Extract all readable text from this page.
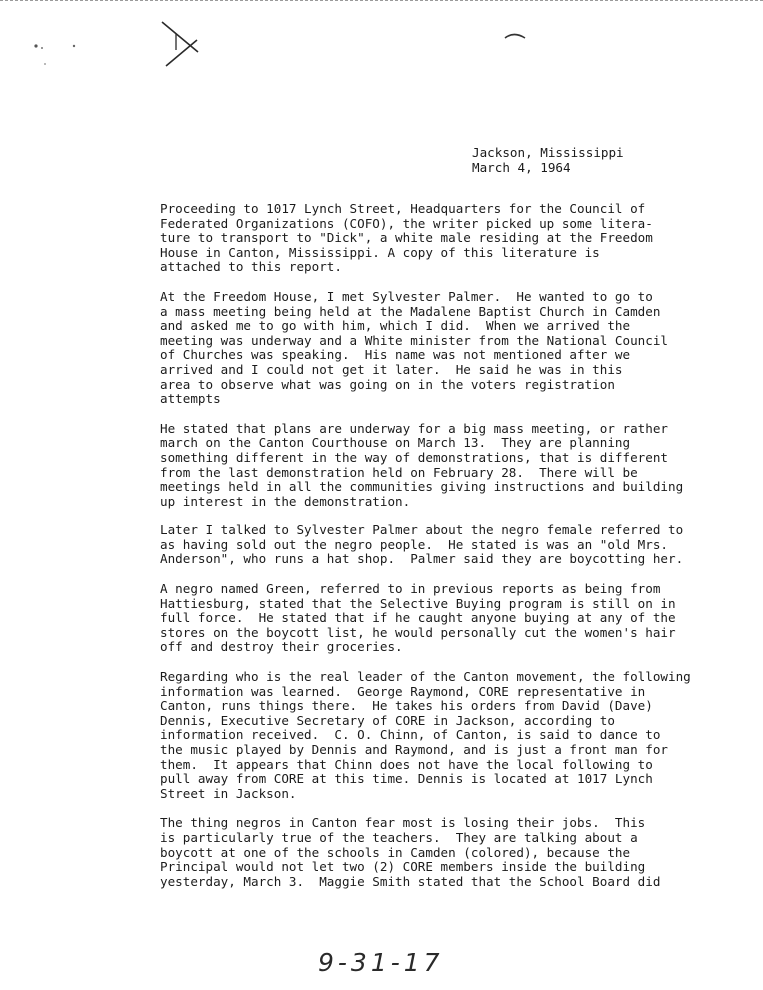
Jackson, Mississippi
March 4, 1964
Proceeding to 1017 Lynch Street, Headquarters for the Council of
Federated Organizations (COFO), the writer picked up some litera-
ture to transport to "Dick", a white male residing at the Freedom
House in Canton, Mississippi. A copy of this literature is
attached to this report.
At the Freedom House, I met Sylvester Palmer.  He wanted to go to
a mass meeting being held at the Madalene Baptist Church in Camden
and asked me to go with him, which I did.  When we arrived the
meeting was underway and a White minister from the National Council
of Churches was speaking.  His name was not mentioned after we
arrived and I could not get it later.  He said he was in this
area to observe what was going on in the voters registration
attempts
He stated that plans are underway for a big mass meeting, or rather
march on the Canton Courthouse on March 13.  They are planning
something different in the way of demonstrations, that is different
from the last demonstration held on February 28.  There will be
meetings held in all the communities giving instructions and building
up interest in the demonstration.
Later I talked to Sylvester Palmer about the negro female referred to
as having sold out the negro people.  He stated is was an "old Mrs.
Anderson", who runs a hat shop.  Palmer said they are boycotting her.
A negro named Green, referred to in previous reports as being from
Hattiesburg, stated that the Selective Buying program is still on in
full force.  He stated that if he caught anyone buying at any of the
stores on the boycott list, he would personally cut the women's hair
off and destroy their groceries.
Regarding who is the real leader of the Canton movement, the following
information was learned.  George Raymond, CORE representative in
Canton, runs things there.  He takes his orders from David (Dave)
Dennis, Executive Secretary of CORE in Jackson, according to
information received.  C. O. Chinn, of Canton, is said to dance to
the music played by Dennis and Raymond, and is just a front man for
them.  It appears that Chinn does not have the local following to
pull away from CORE at this time. Dennis is located at 1017 Lynch
Street in Jackson.
The thing negros in Canton fear most is losing their jobs.  This
is particularly true of the teachers.  They are talking about a
boycott at one of the schools in Camden (colored), because the
Principal would not let two (2) CORE members inside the building
yesterday, March 3.  Maggie Smith stated that the School Board did
9-31-17
